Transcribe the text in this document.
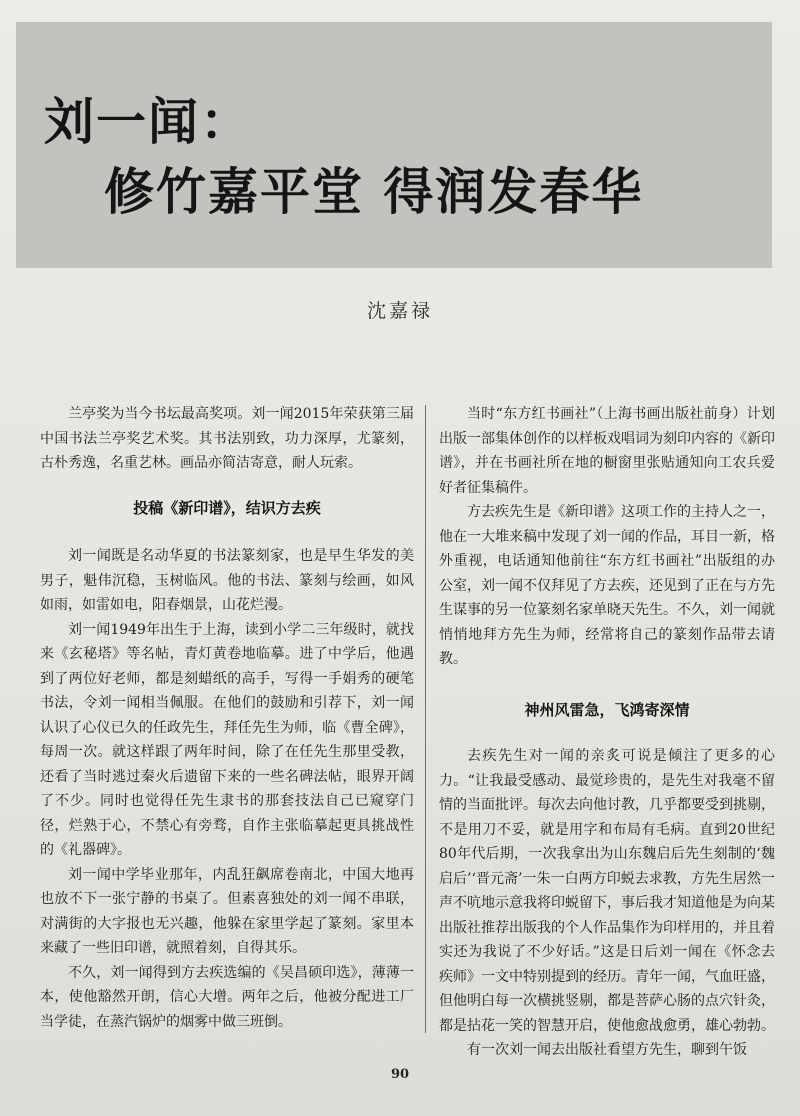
刘一闻：
修竹嘉平堂 得润发春华
沈嘉禄

兰亭奖为当今书坛最高奖项。刘一闻2015年荣获第三届中国书法兰亭奖艺术奖。其书法别致，功力深厚，尤篆刻，古朴秀逸，名重艺林。画品亦简洁寄意，耐人玩索。

投稿《新印谱》，结识方去疾

刘一闻既是名动华夏的书法篆刻家，也是早生华发的美男子，魁伟沉稳，玉树临风。他的书法、篆刻与绘画，如风如雨，如雷如电，阳春烟景，山花烂漫。

刘一闻1949年出生于上海，读到小学二三年级时，就找来《玄秘塔》等名帖，青灯黄卷地临摹。进了中学后，他遇到了两位好老师，都是刻蜡纸的高手，写得一手娟秀的硬笔书法，令刘一闻相当佩服。在他们的鼓励和引荐下，刘一闻认识了心仪已久的任政先生，拜任先生为师，临《曹全碑》，每周一次。就这样跟了两年时间，除了在任先生那里受教，还看了当时逃过秦火后遗留下来的一些名碑法帖，眼界开阔了不少。同时也觉得任先生隶书的那套技法自己已窥穿门径，烂熟于心，不禁心有旁骛，自作主张临摹起更具挑战性的《礼器碑》。

刘一闻中学毕业那年，内乱狂飙席卷南北，中国大地再也放不下一张宁静的书桌了。但素喜独处的刘一闻不串联，对满街的大字报也无兴趣，他躲在家里学起了篆刻。家里本来藏了一些旧印谱，就照着刻，自得其乐。

不久，刘一闻得到方去疾选编的《吴昌硕印选》，薄薄一本，使他豁然开朗，信心大增。两年之后，他被分配进工厂当学徒，在蒸汽锅炉的烟雾中做三班倒。

当时“东方红书画社”（上海书画出版社前身）计划出版一部集体创作的以样板戏唱词为刻印内容的《新印谱》，并在书画社所在地的橱窗里张贴通知向工农兵爱好者征集稿件。

方去疾先生是《新印谱》这项工作的主持人之一，他在一大堆来稿中发现了刘一闻的作品，耳目一新，格外重视，电话通知他前往“东方红书画社”出版组的办公室，刘一闻不仅拜见了方去疾，还见到了正在与方先生谋事的另一位篆刻名家单晓天先生。不久，刘一闻就悄悄地拜方先生为师，经常将自己的篆刻作品带去请教。

神州风雷急，飞鸿寄深情

去疾先生对一闻的亲炙可说是倾注了更多的心力。“让我最受感动、最觉珍贵的，是先生对我毫不留情的当面批评。每次去向他讨教，几乎都要受到挑剔，不是用刀不妥，就是用字和布局有毛病。直到20世纪80年代后期，一次我拿出为山东魏启后先生刻制的‘魏启后’‘晋元斋’一朱一白两方印蜕去求教，方先生居然一声不吭地示意我将印蜕留下，事后我才知道他是为向某出版社推荐出版我的个人作品集作为印样用的，并且着实还为我说了不少好话。”这是日后刘一闻在《怀念去疾师》一文中特别提到的经历。青年一闻，气血旺盛，但他明白每一次横挑竖剔，都是菩萨心肠的点穴针灸，都是拈花一笑的智慧开启，使他愈战愈勇，雄心勃勃。

有一次刘一闻去出版社看望方先生，聊到午饭

90
